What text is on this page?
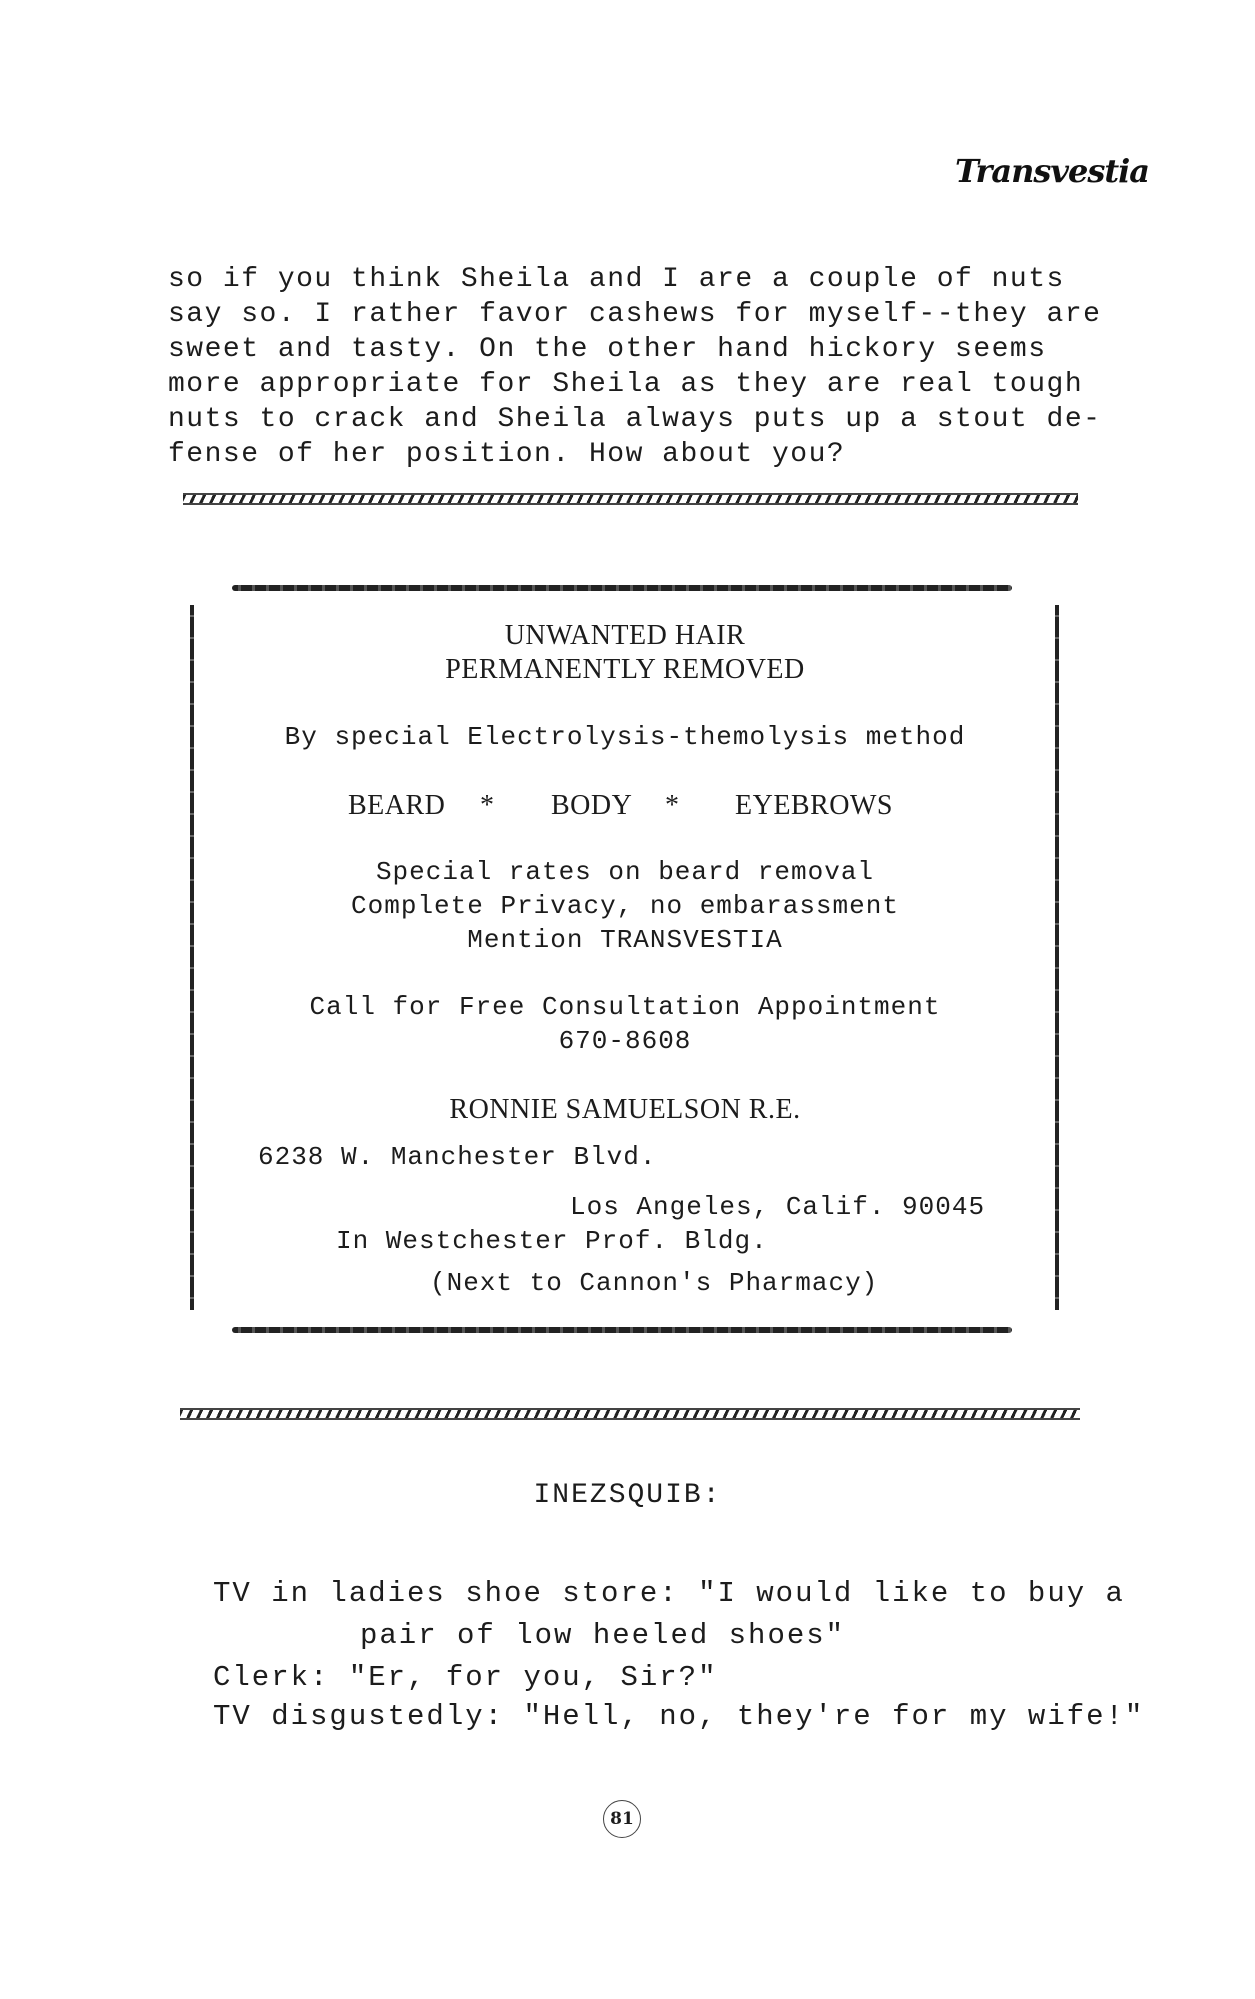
Transvestia
so if you think Sheila and I are a couple of nuts
say so. I rather favor cashews for myself--they are
sweet and tasty. On the other hand hickory seems
more appropriate for Sheila as they are real tough
nuts to crack and Sheila always puts up a stout de-
fense of her position. How about you?
UNWANTED HAIR
PERMANENTLY REMOVED
By special Electrolysis-themolysis method
BEARD * BODY * EYEBROWS
Special rates on beard removal
Complete Privacy, no embarassment
Mention TRANSVESTIA
Call for Free Consultation Appointment
670-8608
RONNIE SAMUELSON R.E.
6238 W. Manchester Blvd.
Los Angeles, Calif. 90045
In Westchester Prof. Bldg.
(Next to Cannon's Pharmacy)
INEZSQUIB:
TV in ladies shoe store: "I would like to buy a
pair of low heeled shoes"
Clerk: "Er, for you, Sir?"
TV disgustedly: "Hell, no, they're for my wife!"
81
